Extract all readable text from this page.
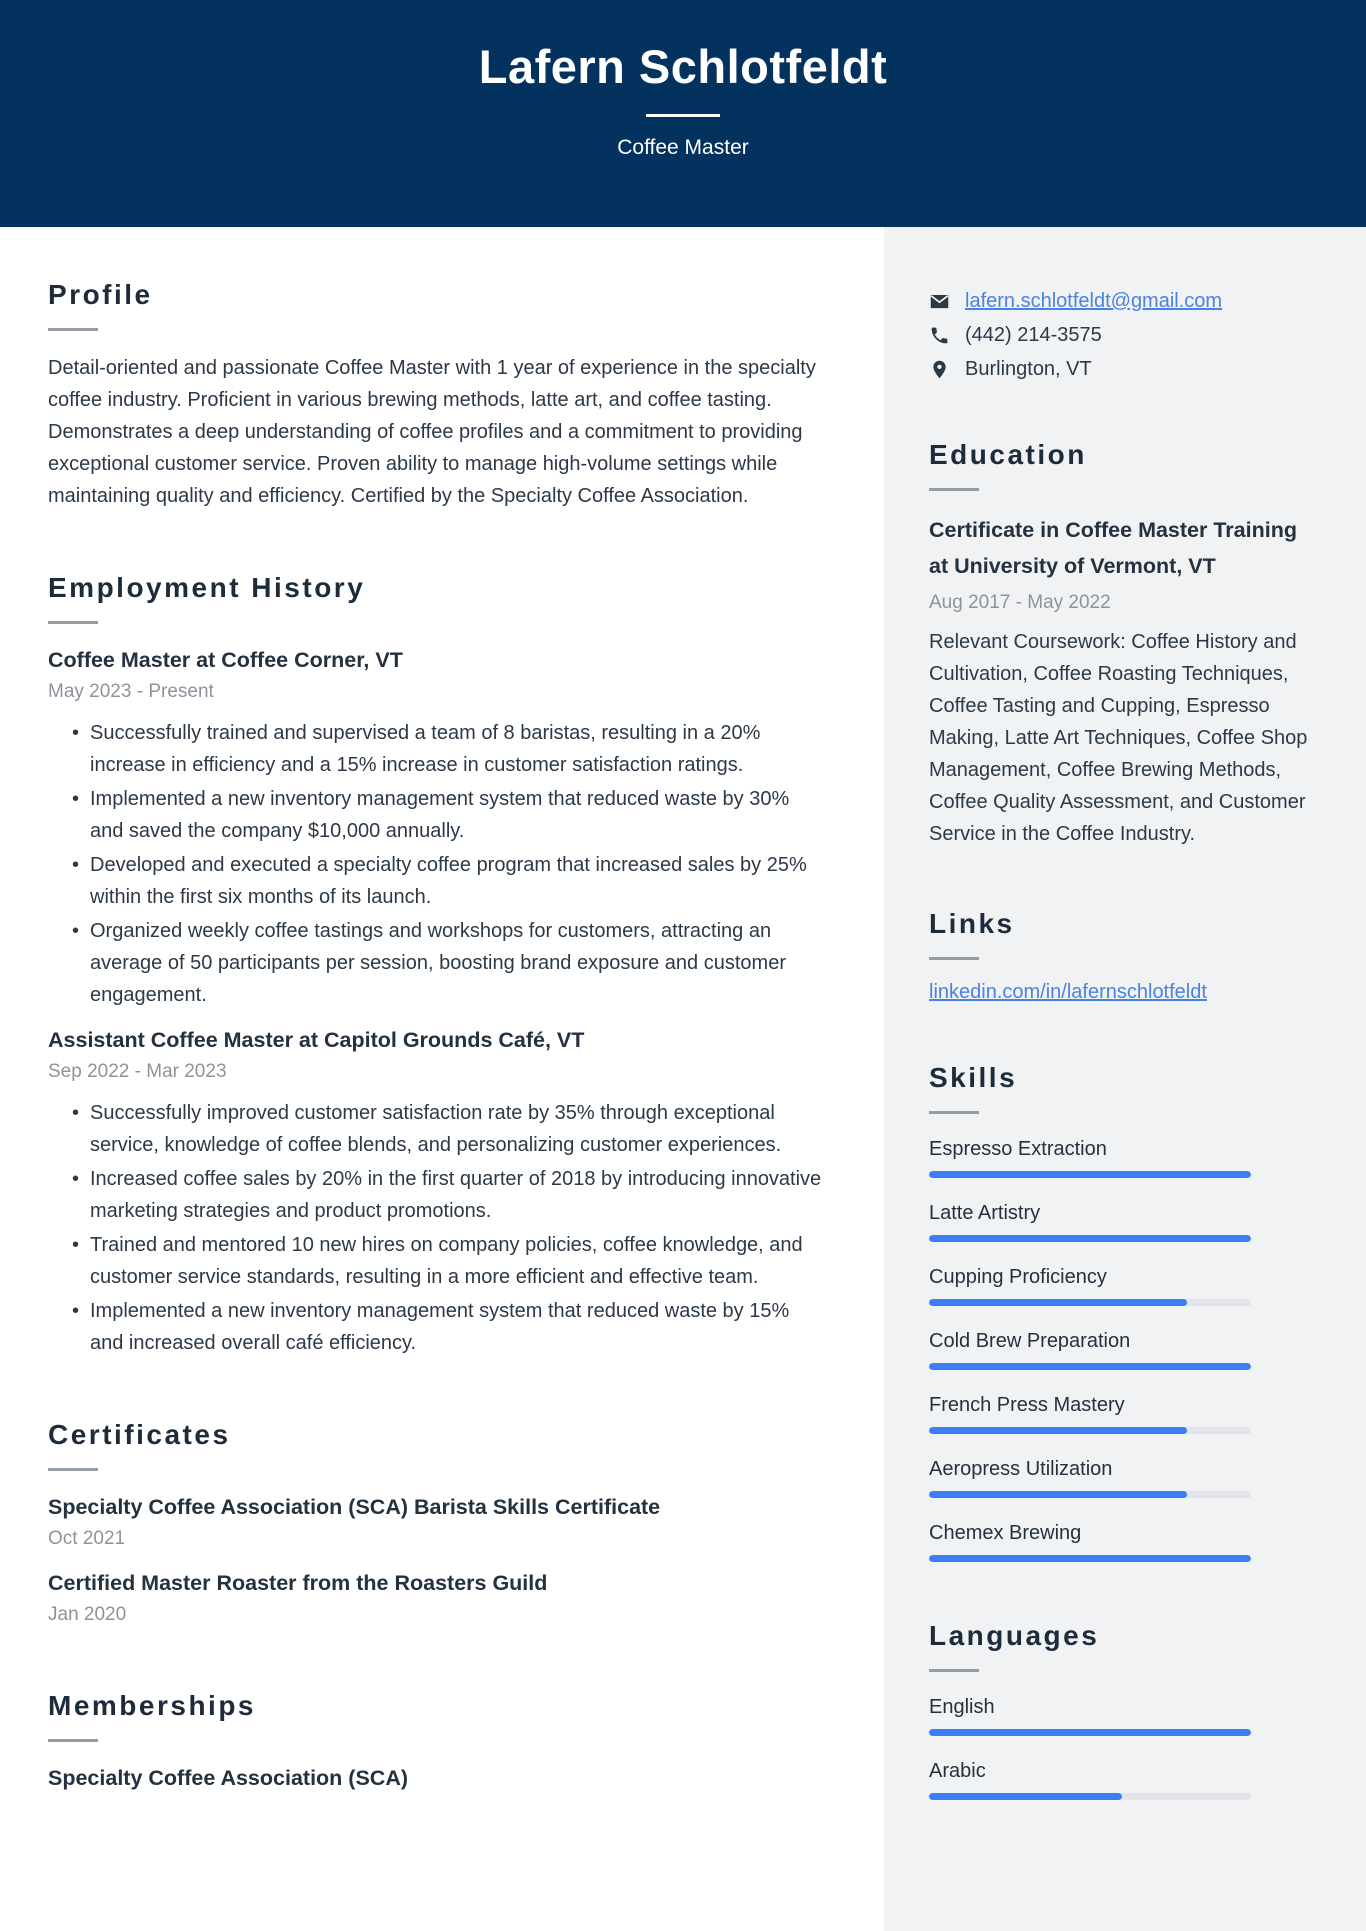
Lafern Schlotfeldt
Coffee Master
Profile

Detail-oriented and passionate Coffee Master with 1 year of experience in the specialty coffee industry. Proficient in various brewing methods, latte art, and coffee tasting. Demonstrates a deep understanding of coffee profiles and a commitment to providing exceptional customer service. Proven ability to manage high-volume settings while maintaining quality and efficiency. Certified by the Specialty Coffee Association.

Employment History
Coffee Master at Coffee Corner, VT
May 2023 - Present
• Successfully trained and supervised a team of 8 baristas, resulting in a 20% increase in efficiency and a 15% increase in customer satisfaction ratings.
• Implemented a new inventory management system that reduced waste by 30% and saved the company $10,000 annually.
• Developed and executed a specialty coffee program that increased sales by 25% within the first six months of its launch.
• Organized weekly coffee tastings and workshops for customers, attracting an average of 50 participants per session, boosting brand exposure and customer engagement.
Assistant Coffee Master at Capitol Grounds Café, VT
Sep 2022 - Mar 2023
• Successfully improved customer satisfaction rate by 35% through exceptional service, knowledge of coffee blends, and personalizing customer experiences.
• Increased coffee sales by 20% in the first quarter of 2018 by introducing innovative marketing strategies and product promotions.
• Trained and mentored 10 new hires on company policies, coffee knowledge, and customer service standards, resulting in a more efficient and effective team.
• Implemented a new inventory management system that reduced waste by 15% and increased overall café efficiency.
Certificates
Specialty Coffee Association (SCA) Barista Skills Certificate
Oct 2021
Certified Master Roaster from the Roasters Guild
Jan 2020
Memberships
Specialty Coffee Association (SCA)
lafern.schlotfeldt@gmail.com
(442) 214-3575
Burlington, VT
Education
Certificate in Coffee Master Training at University of Vermont, VT
Aug 2017 - May 2022

Relevant Coursework: Coffee History and Cultivation, Coffee Roasting Techniques, Coffee Tasting and Cupping, Espresso Making, Latte Art Techniques, Coffee Shop Management, Coffee Brewing Methods, Coffee Quality Assessment, and Customer Service in the Coffee Industry.

Links
linkedin.com/in/lafernschlotfeldt
Skills
Espresso Extraction
Latte Artistry
Cupping Proficiency
Cold Brew Preparation
French Press Mastery
Aeropress Utilization
Chemex Brewing
Languages
English
Arabic
